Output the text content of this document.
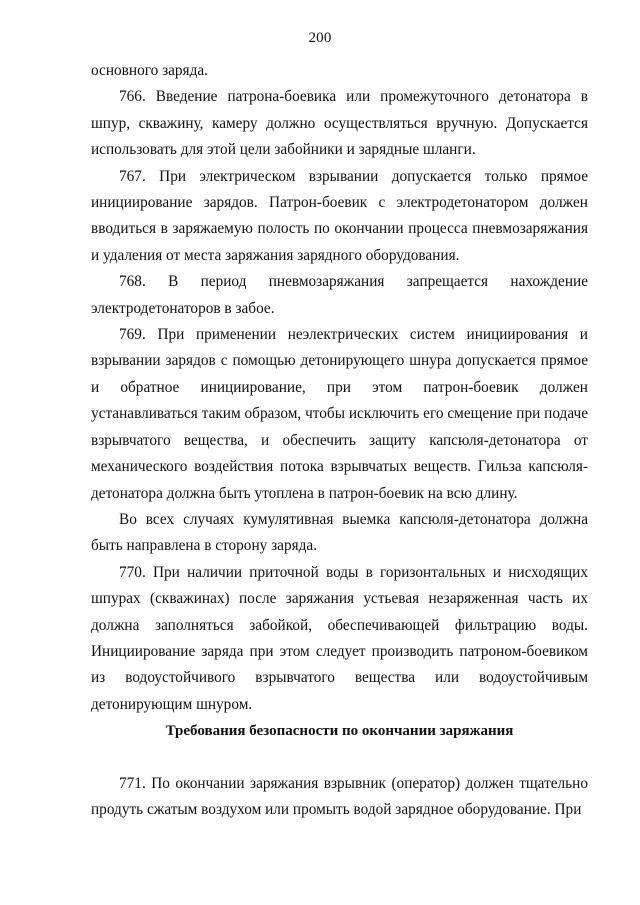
200

основного заряда.

766. Введение патрона-боевика или промежуточного детонатора в шпур, скважину, камеру должно осуществляться вручную. Допускается использовать для этой цели забойники и зарядные шланги.

767. При электрическом взрывании допускается только прямое инициирование зарядов. Патрон-боевик с электродетонатором должен вводиться в заряжаемую полость по окончании процесса пневмозаряжания и удаления от места заряжания зарядного оборудования.

768. В период пневмозаряжания запрещается нахождение электродетонаторов в забое.

769. При применении неэлектрических систем инициирования и взрывании зарядов с помощью детонирующего шнура допускается прямое и обратное инициирование, при этом патрон-боевик должен устанавливаться таким образом, чтобы исключить его смещение при подаче взрывчатого вещества, и обеспечить защиту капсюля-детонатора от механического воздействия потока взрывчатых веществ. Гильза капсюля-детонатора должна быть утоплена в патрон-боевик на всю длину.

Во всех случаях кумулятивная выемка капсюля-детонатора должна быть направлена в сторону заряда.

770. При наличии приточной воды в горизонтальных и нисходящих шпурах (скважинах) после заряжания устьевая незаряженная часть их должна заполняться забойкой, обеспечивающей фильтрацию воды. Инициирование заряда при этом следует производить патроном-боевиком из водоустойчивого взрывчатого вещества или водоустойчивым детонирующим шнуром.

Требования безопасности по окончании заряжания

771. По окончании заряжания взрывник (оператор) должен тщательно продуть сжатым воздухом или промыть водой зарядное оборудование. При
